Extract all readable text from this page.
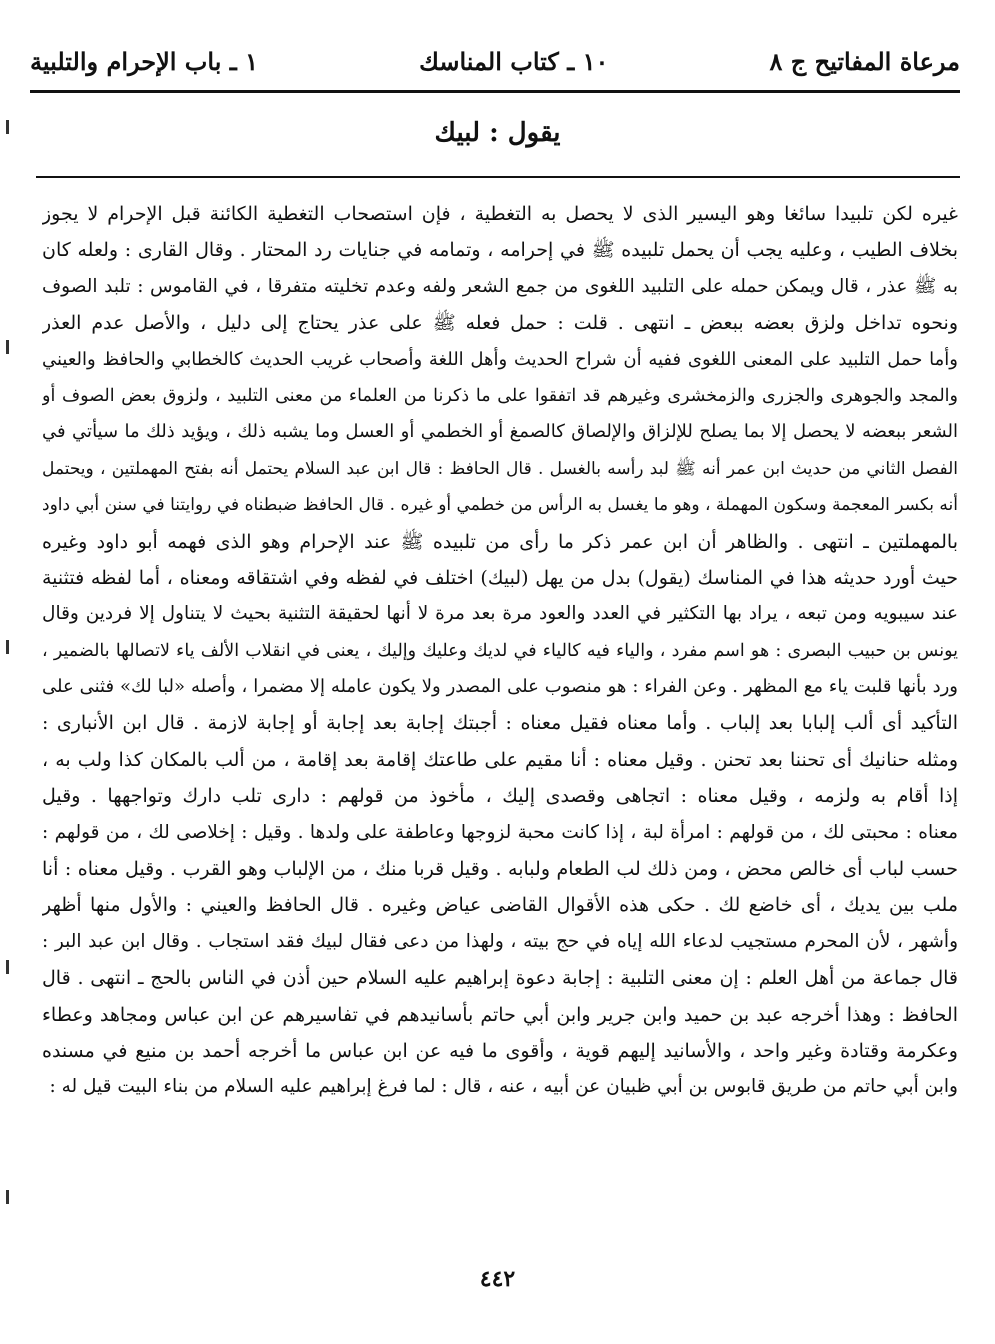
مرعاة المفاتيح ج ٨
١٠ ـ كتاب المناسك
١ ـ باب الإحرام والتلبية
يقول : لبيك
غيره لكن تلبيدا سائغا وهو اليسير الذى لا يحصل به التغطية ، فإن استصحاب التغطية الكائنة قبل الإحرام لا يجوز
بخلاف الطيب ، وعليه يجب أن يحمل تلبيده ﷺ في إحرامه ، وتمامه في جنايات رد المحتار . وقال القارى : ولعله كان
به ﷺ عذر ، قال ويمكن حمله على التلبيد اللغوى من جمع الشعر ولفه وعدم تخليته متفرقا ، في القاموس : تلبد الصوف
ونحوه تداخل ولزق بعضه ببعض ـ انتهى . قلت : حمل فعله ﷺ على عذر يحتاج إلى دليل ، والأصل عدم العذر
وأما حمل التلبيد على المعنى اللغوى ففيه أن شراح الحديث وأهل اللغة وأصحاب غريب الحديث كالخطابي والحافظ والعيني
والمجد والجوهرى والجزرى والزمخشرى وغيرهم قد اتفقوا على ما ذكرنا من العلماء من معنى التلبيد ، ولزوق بعض الصوف أو
الشعر ببعضه لا يحصل إلا بما يصلح للإلزاق والإلصاق كالصمغ أو الخطمي أو العسل وما يشبه ذلك ، ويؤيد ذلك ما سيأتي في
الفصل الثاني من حديث ابن عمر أنه ﷺ لبد رأسه بالغسل . قال الحافظ : قال ابن عبد السلام يحتمل أنه بفتح المهملتين ، ويحتمل
أنه بكسر المعجمة وسكون المهملة ، وهو ما يغسل به الرأس من خطمي أو غيره . قال الحافظ ضبطناه في روايتنا في سنن أبي داود
بالمهملتين ـ انتهى . والظاهر أن ابن عمر ذكر ما رأى من تلبيده ﷺ عند الإحرام وهو الذى فهمه أبو داود وغيره
حيث أورد حديثه هذا في المناسك (يقول) بدل من يهل (لبيك) اختلف في لفظه وفي اشتقاقه ومعناه ، أما لفظه فتثنية
عند سيبويه ومن تبعه ، يراد بها التكثير في العدد والعود مرة بعد مرة لا أنها لحقيقة التثنية بحيث لا يتناول إلا فردين وقال
يونس بن حبيب البصرى : هو اسم مفرد ، والياء فيه كالياء في لديك وعليك وإليك ، يعنى في انقلاب الألف ياء لاتصالها بالضمير ،
ورد بأنها قلبت ياء مع المظهر . وعن الفراء : هو منصوب على المصدر ولا يكون عامله إلا مضمرا ، وأصله «لبا لك» فثنى على
التأكيد أى ألب إلبابا بعد إلباب . وأما معناه فقيل معناه : أجبتك إجابة بعد إجابة أو إجابة لازمة . قال ابن الأنبارى :
ومثله حنانيك أى تحننا بعد تحنن . وقيل معناه : أنا مقيم على طاعتك إقامة بعد إقامة ، من ألب بالمكان كذا ولب به ،
إذا أقام به ولزمه ، وقيل معناه : اتجاهى وقصدى إليك ، مأخوذ من قولهم : دارى تلب دارك وتواجهها . وقيل
معناه : محبتى لك ، من قولهم : امرأة لبة ، إذا كانت محبة لزوجها وعاطفة على ولدها . وقيل : إخلاصى لك ، من قولهم :
حسب لباب أى خالص محض ، ومن ذلك لب الطعام ولبابه . وقيل قربا منك ، من الإلباب وهو القرب . وقيل معناه : أنا
ملب بين يديك ، أى خاضع لك . حكى هذه الأقوال القاضى عياض وغيره . قال الحافظ والعيني : والأول منها أظهر
وأشهر ، لأن المحرم مستجيب لدعاء الله إياه في حج بيته ، ولهذا من دعى فقال لبيك فقد استجاب . وقال ابن عبد البر :
قال جماعة من أهل العلم : إن معنى التلبية : إجابة دعوة إبراهيم عليه السلام حين أذن في الناس بالحج ـ انتهى . قال
الحافظ : وهذا أخرجه عبد بن حميد وابن جرير وابن أبي حاتم بأسانيدهم في تفاسيرهم عن ابن عباس ومجاهد وعطاء
وعكرمة وقتادة وغير واحد ، والأسانيد إليهم قوية ، وأقوى ما فيه عن ابن عباس ما أخرجه أحمد بن منيع في مسنده
وابن أبي حاتم من طريق قابوس بن أبي ظبيان عن أبيه ، عنه ، قال : لما فرغ إبراهيم عليه السلام من بناء البيت قيل له :
٤٤٢
